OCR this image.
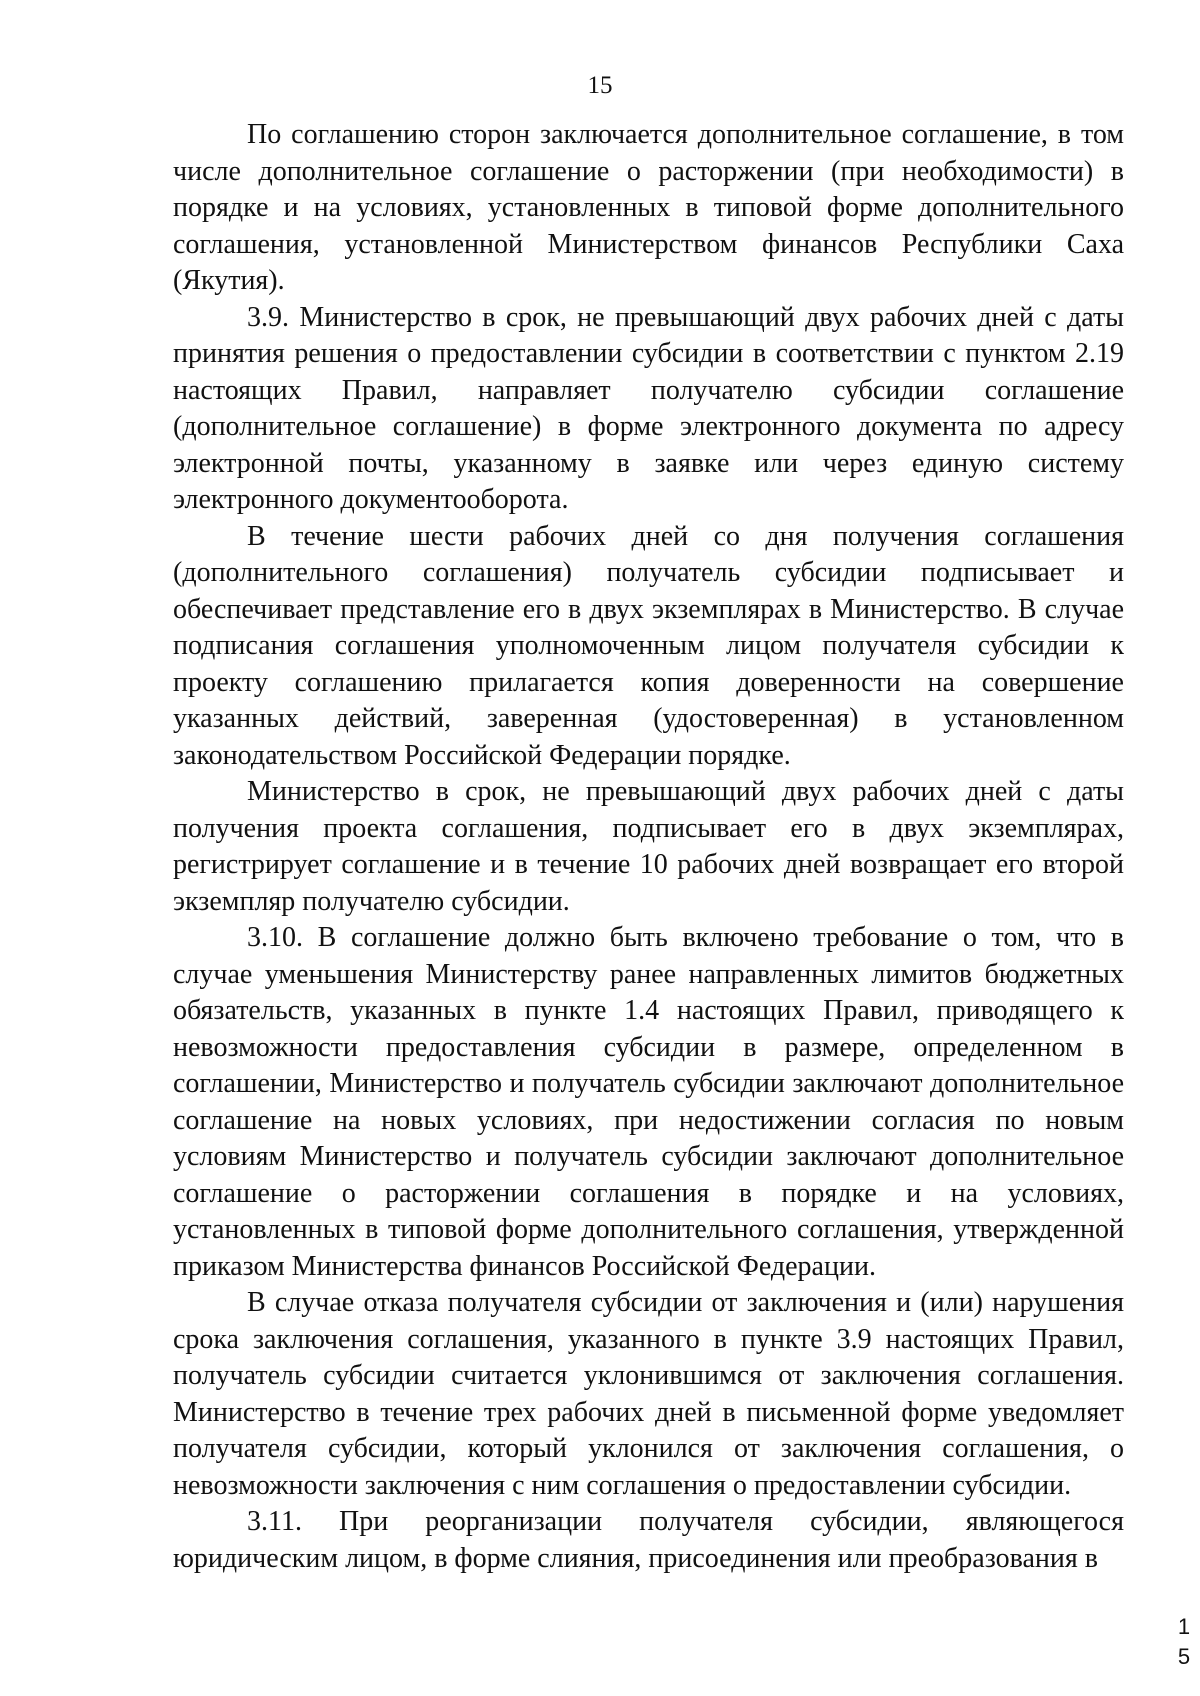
15

По соглашению сторон заключается дополнительное соглашение, в том числе дополнительное соглашение о расторжении (при необходимости) в порядке и на условиях, установленных в типовой форме дополнительного соглашения, установленной Министерством финансов Республики Саха (Якутия).

3.9. Министерство в срок, не превышающий двух рабочих дней с даты принятия решения о предоставлении субсидии в соответствии с пунктом 2.19 настоящих Правил, направляет получателю субсидии соглашение (дополнительное соглашение) в форме электронного документа по адресу электронной почты, указанному в заявке или через единую систему электронного документооборота.

В течение шести рабочих дней со дня получения соглашения (дополнительного соглашения) получатель субсидии подписывает и обеспечивает представление его в двух экземплярах в Министерство. В случае подписания соглашения уполномоченным лицом получателя субсидии к проекту соглашению прилагается копия доверенности на совершение указанных действий, заверенная (удостоверенная) в установленном законодательством Российской Федерации порядке.

Министерство в срок, не превышающий двух рабочих дней с даты получения проекта соглашения, подписывает его в двух экземплярах, регистрирует соглашение и в течение 10 рабочих дней возвращает его второй экземпляр получателю субсидии.

3.10. В соглашение должно быть включено требование о том, что в случае уменьшения Министерству ранее направленных лимитов бюджетных обязательств, указанных в пункте 1.4 настоящих Правил, приводящего к невозможности предоставления субсидии в размере, определенном в соглашении, Министерство и получатель субсидии заключают дополнительное соглашение на новых условиях, при недостижении согласия по новым условиям Министерство и получатель субсидии заключают дополнительное соглашение о расторжении соглашения в порядке и на условиях, установленных в типовой форме дополнительного соглашения, утвержденной приказом Министерства финансов Российской Федерации.

В случае отказа получателя субсидии от заключения и (или) нарушения срока заключения соглашения, указанного в пункте 3.9 настоящих Правил, получатель субсидии считается уклонившимся от заключения соглашения. Министерство в течение трех рабочих дней в письменной форме уведомляет получателя субсидии, который уклонился от заключения соглашения, о невозможности заключения с ним соглашения о предоставлении субсидии.

3.11. При реорганизации получателя субсидии, являющегося юридическим лицом, в форме слияния, присоединения или преобразования в

1
5
